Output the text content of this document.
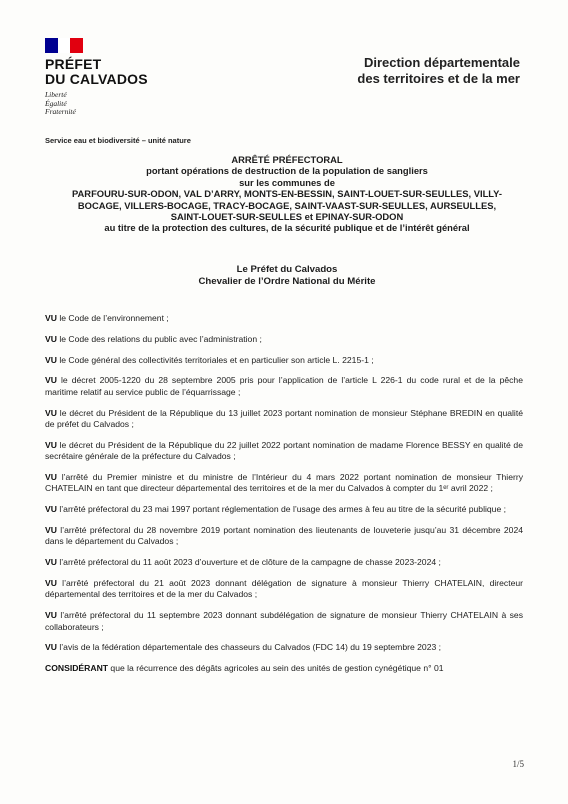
PRÉFET
DU CALVADOS
Liberté
Égalité
Fraternité
Direction départementale
des territoires et de la mer
Service eau et biodiversité – unité nature
ARRÊTÉ PRÉFECTORAL
portant opérations de destruction de la population de sangliers
sur les communes de
PARFOURU-SUR-ODON, VAL D’ARRY, MONTS-EN-BESSIN, SAINT-LOUET-SUR-SEULLES, VILLY-
BOCAGE, VILLERS-BOCAGE, TRACY-BOCAGE, SAINT-VAAST-SUR-SEULLES, AURSEULLES,
SAINT-LOUET-SUR-SEULLES et EPINAY-SUR-ODON
au titre de la protection des cultures, de la sécurité publique et de l’intérêt général
Le Préfet du Calvados
Chevalier de l’Ordre National du Mérite
VU le Code de l’environnement ;
VU le Code des relations du public avec l’administration ;
VU le Code général des collectivités territoriales et en particulier son article L. 2215-1 ;
VU le décret 2005-1220 du 28 septembre 2005 pris pour l’application de l’article L 226-1 du code rural et de la pêche maritime relatif au service public de l’équarrissage ;
VU le décret du Président de la République du 13 juillet 2023 portant nomination de monsieur Stéphane BREDIN en qualité de préfet du Calvados ;
VU le décret du Président de la République du 22 juillet 2022 portant nomination de madame Florence BESSY en qualité de secrétaire générale de la préfecture du Calvados ;
VU l’arrêté du Premier ministre et du ministre de l’Intérieur du 4 mars 2022 portant nomination de monsieur Thierry CHATELAIN en tant que directeur départemental des territoires et de la mer du Calvados à compter du 1ᵉʳ avril 2022 ;
VU l’arrêté préfectoral du 23 mai 1997 portant réglementation de l’usage des armes à feu au titre de la sécurité publique ;
VU l’arrêté préfectoral du 28 novembre 2019 portant nomination des lieutenants de louveterie jusqu’au 31 décembre 2024 dans le département du Calvados ;
VU l’arrêté préfectoral du 11 août 2023 d’ouverture et de clôture de la campagne de chasse 2023-2024 ;
VU l’arrêté préfectoral du 21 août 2023 donnant délégation de signature à monsieur Thierry CHATELAIN, directeur départemental des territoires et de la mer du Calvados ;
VU l’arrêté préfectoral du 11 septembre 2023 donnant subdélégation de signature de monsieur Thierry CHATELAIN à ses collaborateurs ;
VU l’avis de la fédération départementale des chasseurs du Calvados (FDC 14) du 19 septembre 2023 ;
CONSIDÉRANT que la récurrence des dégâts agricoles au sein des unités de gestion cynégétique n° 01
1/5
